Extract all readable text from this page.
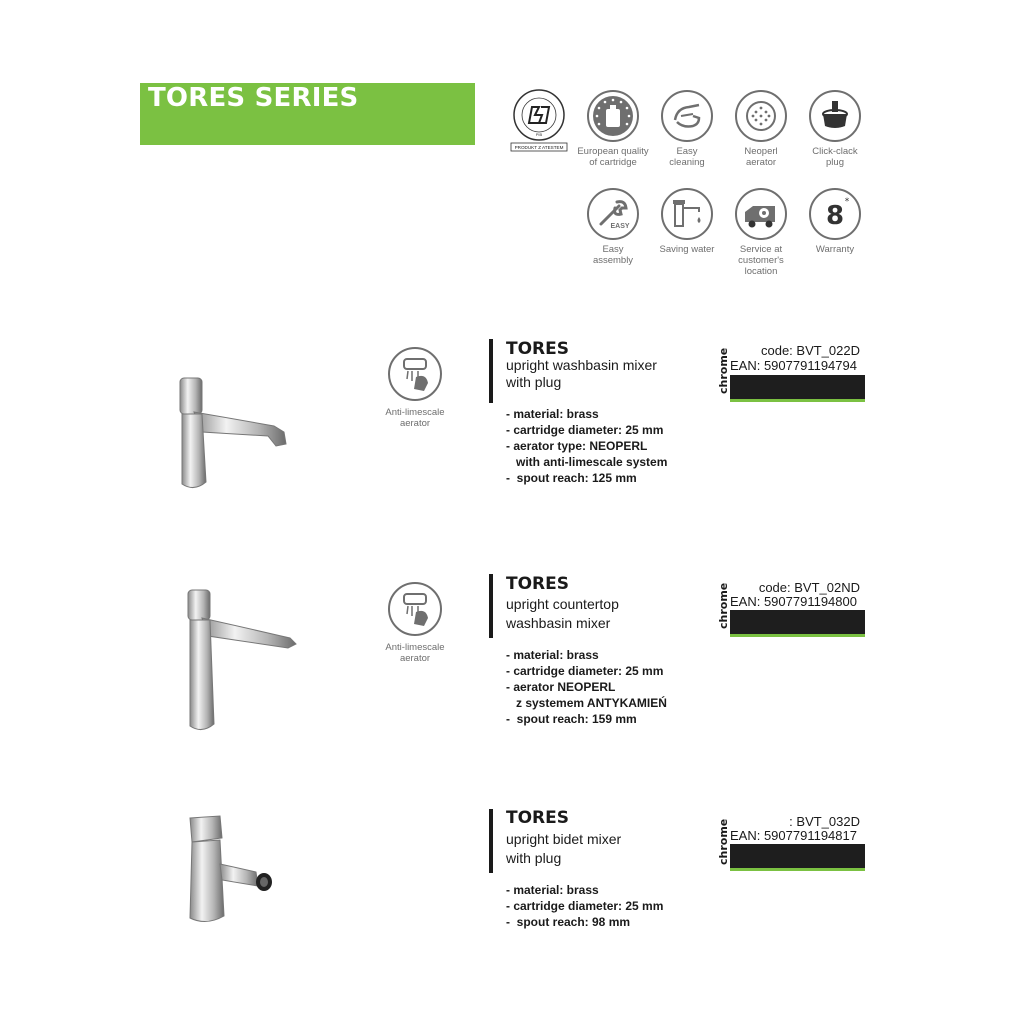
TORES SERIES
PIB
PRODUKT Z ATESTEM	European quality
of cartridge
Easy
cleaning
Neoperl
aerator
Click-clack
plug
EASY
Easy
assembly
Saving water	Service at
customer's
location
8 *
Warranty
Anti-limescale
aerator
TORES
upright washbasin mixer
with plug
- material: brass
- cartridge diameter: 25 mm
- aerator type: NEOPERL
with anti-limescale system
-  spout reach: 125 mm
chrome	code: BVT_022D
EAN: 5907791194794
Anti-limescale
aerator
TORES
upright countertop
washbasin mixer
- material: brass
- cartridge diameter: 25 mm
- aerator NEOPERL
z systemem ANTYKAMIEŃ
-  spout reach: 159 mm
chrome	code: BVT_02ND
EAN: 5907791194800
TORES
upright bidet mixer
with plug
- material: brass
- cartridge diameter: 25 mm
-  spout reach: 98 mm
chrome	: BVT_032D
EAN: 5907791194817
